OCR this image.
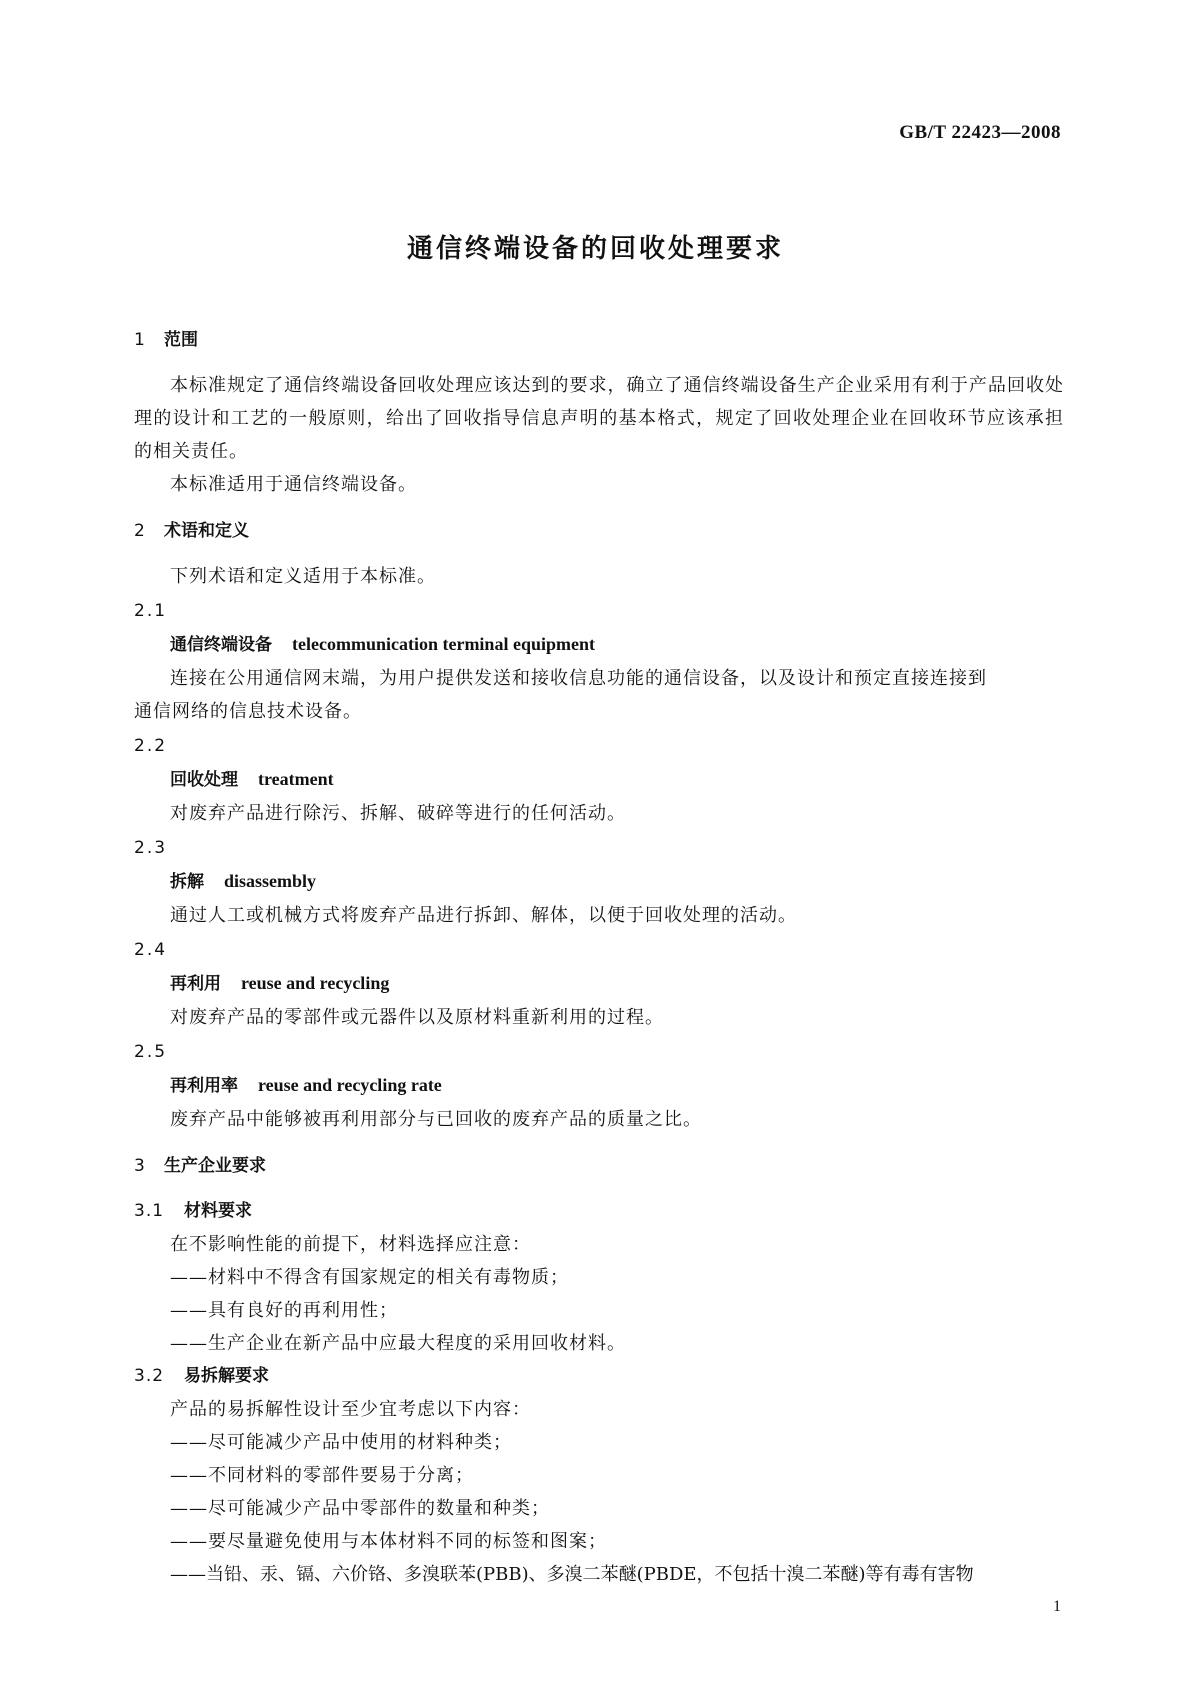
GB/T 22423—2008
通信终端设备的回收处理要求
1 范围

本标准规定了通信终端设备回收处理应该达到的要求，确立了通信终端设备生产企业采用有利于产品回收处理的设计和工艺的一般原则，给出了回收指导信息声明的基本格式，规定了回收处理企业在回收环节应该承担的相关责任。

本标准适用于通信终端设备。

2 术语和定义

下列术语和定义适用于本标准。

2.1
通信终端设备 telecommunication terminal equipment

连接在公用通信网末端，为用户提供发送和接收信息功能的通信设备，以及设计和预定直接连接到

通信网络的信息技术设备。

2.2
回收处理 treatment

对废弃产品进行除污、拆解、破碎等进行的任何活动。

2.3
拆解 disassembly

通过人工或机械方式将废弃产品进行拆卸、解体，以便于回收处理的活动。

2.4
再利用 reuse and recycling

对废弃产品的零部件或元器件以及原材料重新利用的过程。

2.5
再利用率 reuse and recycling rate

废弃产品中能够被再利用部分与已回收的废弃产品的质量之比。

3 生产企业要求
3.1 材料要求

在不影响性能的前提下，材料选择应注意：

——材料中不得含有国家规定的相关有毒物质；

——具有良好的再利用性；

——生产企业在新产品中应最大程度的采用回收材料。

3.2 易拆解要求

产品的易拆解性设计至少宜考虑以下内容：

——尽可能减少产品中使用的材料种类；

——不同材料的零部件要易于分离；

——尽可能减少产品中零部件的数量和种类；

——要尽量避免使用与本体材料不同的标签和图案；

——当铅、汞、镉、六价铬、多溴联苯(PBB)、多溴二苯醚(PBDE，不包括十溴二苯醚)等有毒有害物

1
